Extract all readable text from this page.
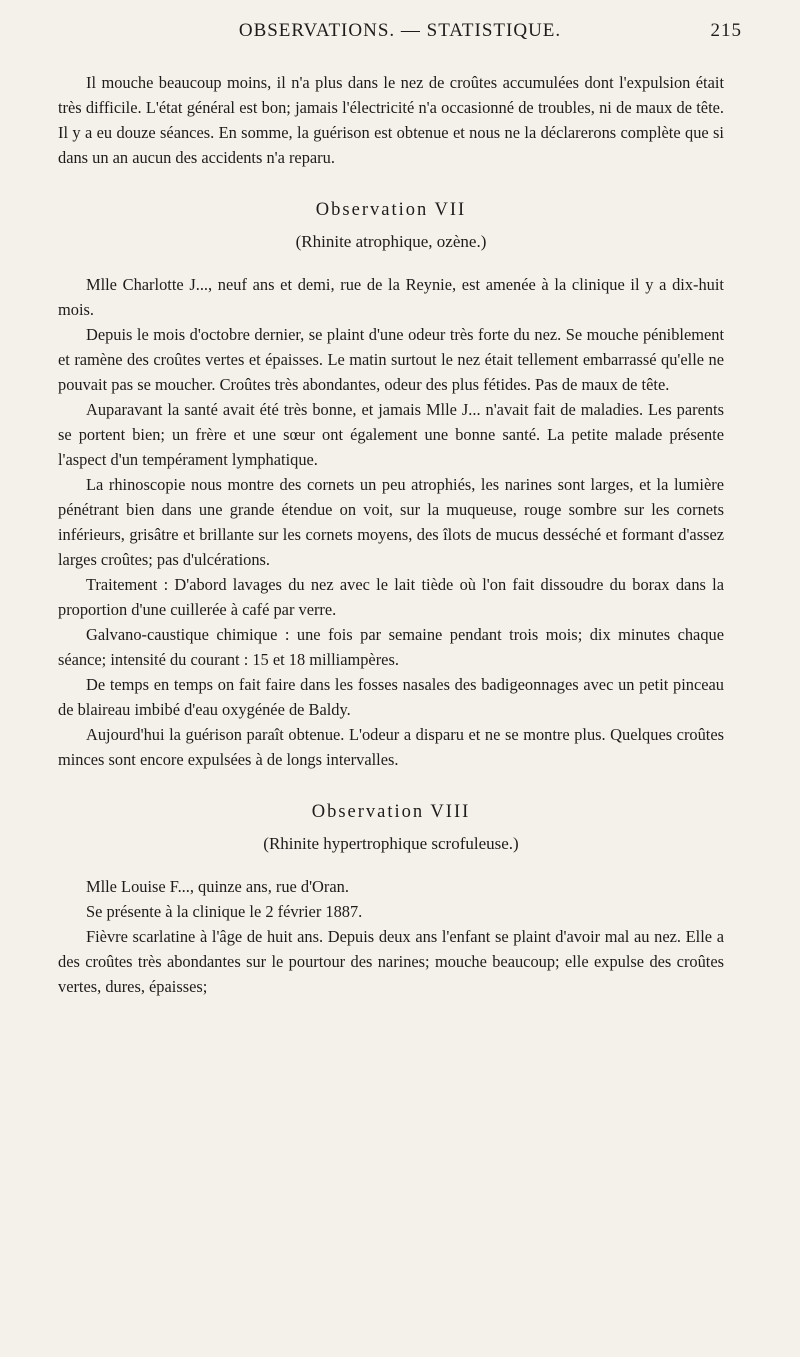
OBSERVATIONS. — STATISTIQUE.	215

Il mouche beaucoup moins, il n'a plus dans le nez de croûtes accumulées dont l'expulsion était très difficile. L'état général est bon; jamais l'électricité n'a occasionné de troubles, ni de maux de tête. Il y a eu douze séances. En somme, la guérison est obtenue et nous ne la déclarerons complète que si dans un an aucun des accidents n'a reparu.

Observation VII
(Rhinite atrophique, ozène.)

Mlle Charlotte J..., neuf ans et demi, rue de la Reynie, est amenée à la clinique il y a dix-huit mois.

Depuis le mois d'octobre dernier, se plaint d'une odeur très forte du nez. Se mouche péniblement et ramène des croûtes vertes et épaisses. Le matin surtout le nez était tellement embarrassé qu'elle ne pouvait pas se moucher. Croûtes très abondantes, odeur des plus fétides. Pas de maux de tête.

Auparavant la santé avait été très bonne, et jamais Mlle J... n'avait fait de maladies. Les parents se portent bien; un frère et une sœur ont également une bonne santé. La petite malade présente l'aspect d'un tempérament lymphatique.

La rhinoscopie nous montre des cornets un peu atrophiés, les narines sont larges, et la lumière pénétrant bien dans une grande étendue on voit, sur la muqueuse, rouge sombre sur les cornets inférieurs, grisâtre et brillante sur les cornets moyens, des îlots de mucus desséché et formant d'assez larges croûtes; pas d'ulcérations.

Traitement : D'abord lavages du nez avec le lait tiède où l'on fait dissoudre du borax dans la proportion d'une cuillerée à café par verre.

Galvano-caustique chimique : une fois par semaine pendant trois mois; dix minutes chaque séance; intensité du courant : 15 et 18 milliampères.

De temps en temps on fait faire dans les fosses nasales des badigeonnages avec un petit pinceau de blaireau imbibé d'eau oxygénée de Baldy.

Aujourd'hui la guérison paraît obtenue. L'odeur a disparu et ne se montre plus. Quelques croûtes minces sont encore expulsées à de longs intervalles.

Observation VIII
(Rhinite hypertrophique scrofuleuse.)

Mlle Louise F..., quinze ans, rue d'Oran.

Se présente à la clinique le 2 février 1887.

Fièvre scarlatine à l'âge de huit ans. Depuis deux ans l'enfant se plaint d'avoir mal au nez. Elle a des croûtes très abondantes sur le pourtour des narines; mouche beaucoup; elle expulse des croûtes vertes, dures, épaisses;
